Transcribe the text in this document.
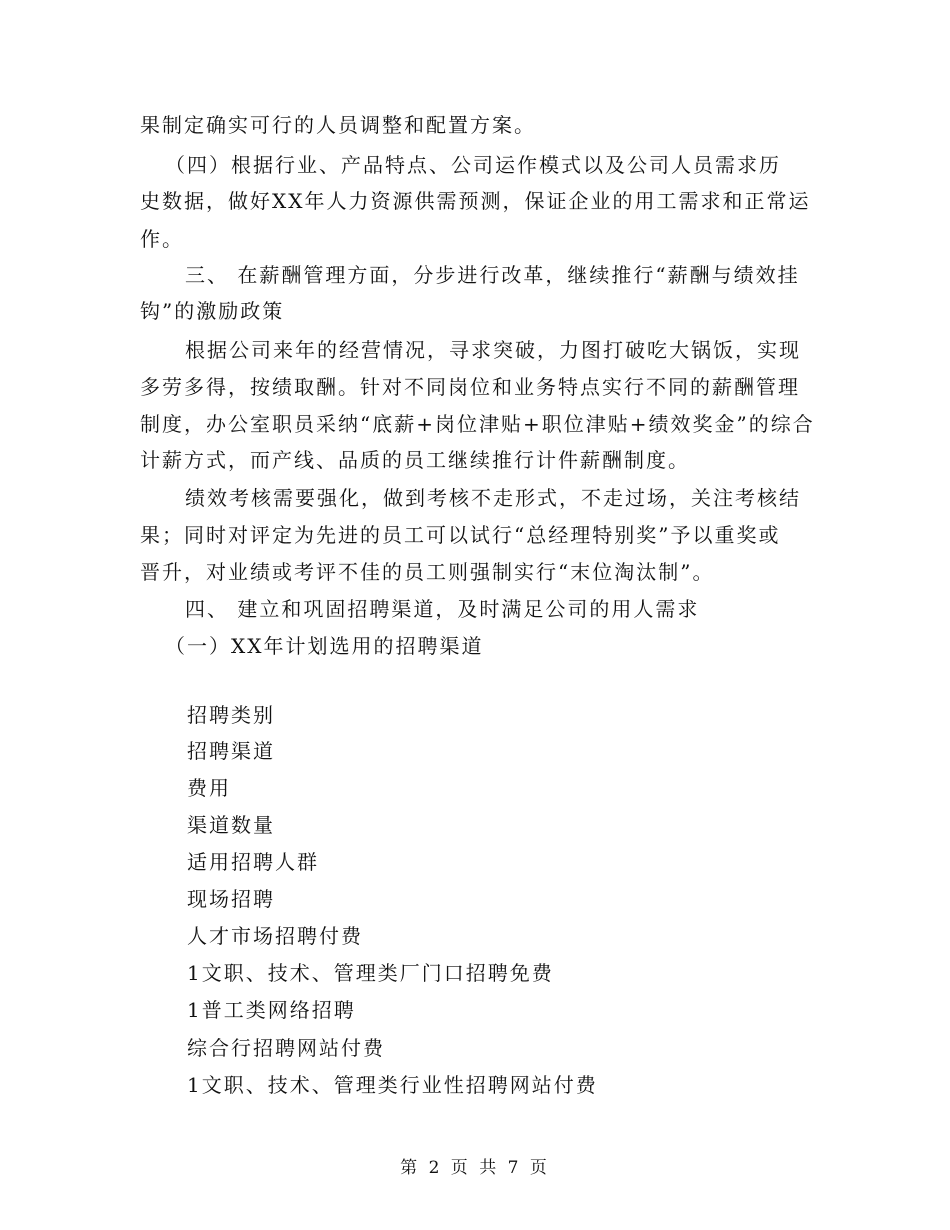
果制定确实可行的人员调整和配置方案。
（四）根据行业、产品特点、公司运作模式以及公司人员需求历
史数据，做好XX年人力资源供需预测，保证企业的用工需求和正常运
作。
三、 在薪酬管理方面，分步进行改革，继续推行“薪酬与绩效挂
钩”的激励政策
根据公司来年的经营情况，寻求突破，力图打破吃大锅饭，实现
多劳多得，按绩取酬。针对不同岗位和业务特点实行不同的薪酬管理
制度，办公室职员采纳“底薪+岗位津贴+职位津贴+绩效奖金”的综合
计薪方式，而产线、品质的员工继续推行计件薪酬制度。
绩效考核需要强化，做到考核不走形式，不走过场，关注考核结
果；同时对评定为先进的员工可以试行“总经理特别奖”予以重奖或
晋升，对业绩或考评不佳的员工则强制实行“末位淘汰制”。
四、 建立和巩固招聘渠道，及时满足公司的用人需求
（一）XX年计划选用的招聘渠道
招聘类别
招聘渠道
费用
渠道数量
适用招聘人群
现场招聘
人才市场招聘付费
1文职、技术、管理类厂门口招聘免费
1普工类网络招聘
综合行招聘网站付费
1文职、技术、管理类行业性招聘网站付费
第 2 页 共 7 页
